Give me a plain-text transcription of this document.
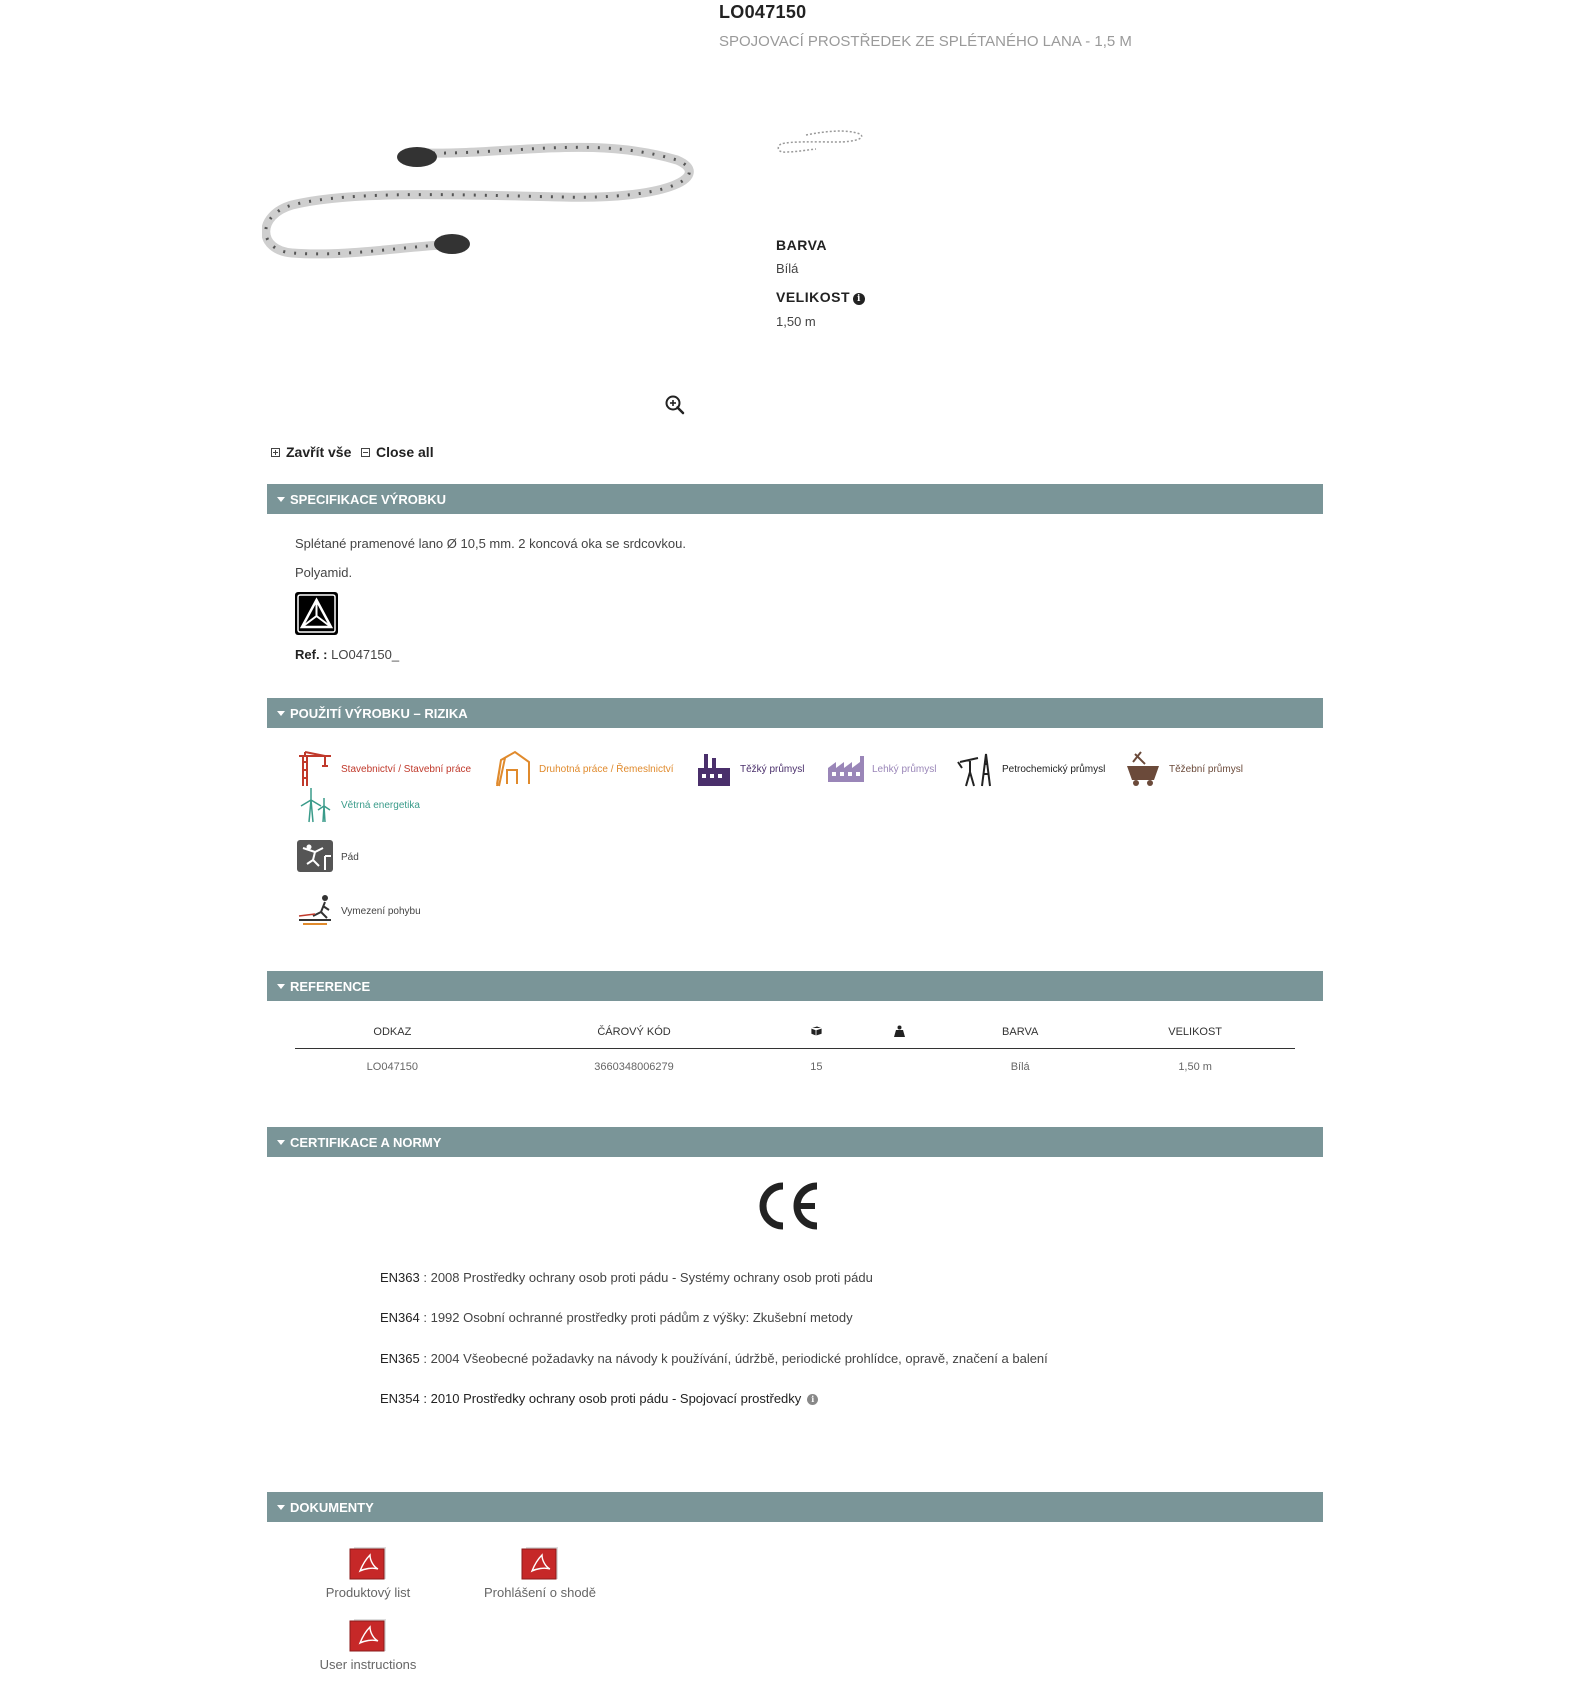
LO047150
SPOJOVACÍ PROSTŘEDEK ZE SPLÉTANÉHO LANA - 1,5 M
BARVA
Bílá
VELIKOST i
1,50 m
Zavřít vše Close all
SPECIFIKACE VÝROBKU
Splétané pramenové lano Ø 10,5 mm. 2 koncová oka se srdcovkou.
Polyamid.
Ref. : LO047150_
POUŽITÍ VÝROBKU – RIZIKA
Stavebnictví / Stavební práce	Druhotná práce / Řemeslnictví	Těžký průmysl	Lehký průmysl	Petrochemický průmysl	Těžební průmysl
Větrná energetika
Pád
Vymezení pohybu
REFERENCE
ODKAZ	ČÁROVÝ KÓD			BARVA	VELIKOST
LO047150	3660348006279	15		Bílá	1,50 m
CERTIFIKACE A NORMY
EN363 : 2008 Prostředky ochrany osob proti pádu - Systémy ochrany osob proti pádu
EN364 : 1992 Osobní ochranné prostředky proti pádům z výšky: Zkušební metody
EN365 : 2004 Všeobecné požadavky na návody k používání, údržbě, periodické prohlídce, opravě, značení a balení
EN354 : 2010 Prostředky ochrany osob proti pádu - Spojovací prostředky i
DOKUMENTY
Produktový list	Prohlášení o shodě
User instructions
